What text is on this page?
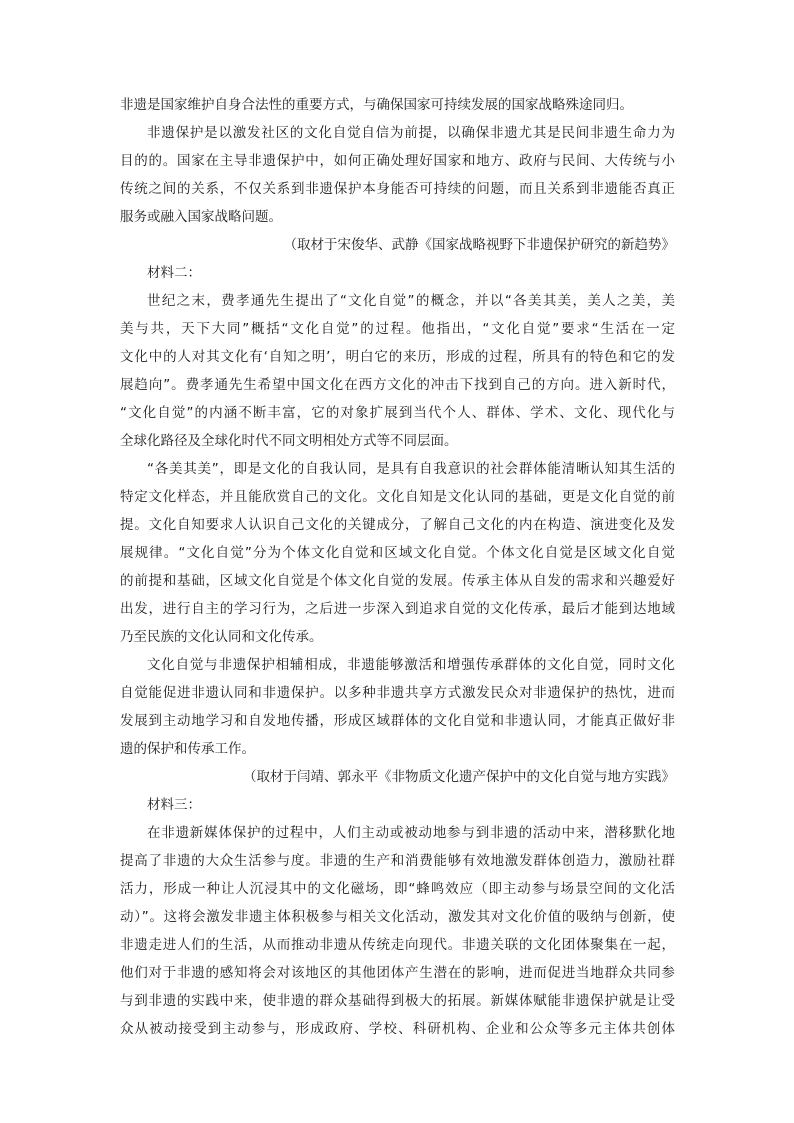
非遗是国家维护自身合法性的重要方式，与确保国家可持续发展的国家战略殊途同归。
非遗保护是以激发社区的文化自觉自信为前提，以确保非遗尤其是民间非遗生命力为
目的的。国家在主导非遗保护中，如何正确处理好国家和地方、政府与民间、大传统与小
传统之间的关系，不仅关系到非遗保护本身能否可持续的问题，而且关系到非遗能否真正
服务或融入国家战略问题。
（取材于宋俊华、武静《国家战略视野下非遗保护研究的新趋势》
材料二：
世纪之末，费孝通先生提出了“文化自觉”的概念，并以“各美其美，美人之美，美
美与共，天下大同”概括“文化自觉”的过程。他指出，“文化自觉”要求“生活在一定
文化中的人对其文化有‘自知之明’，明白它的来历，形成的过程，所具有的特色和它的发
展趋向”。费孝通先生希望中国文化在西方文化的冲击下找到自己的方向。进入新时代，
“文化自觉”的内涵不断丰富，它的对象扩展到当代个人、群体、学术、文化、现代化与
全球化路径及全球化时代不同文明相处方式等不同层面。
“各美其美”，即是文化的自我认同，是具有自我意识的社会群体能清晰认知其生活的
特定文化样态，并且能欣赏自己的文化。文化自知是文化认同的基础，更是文化自觉的前
提。文化自知要求人认识自己文化的关键成分，了解自己文化的内在构造、演进变化及发
展规律。“文化自觉”分为个体文化自觉和区域文化自觉。个体文化自觉是区域文化自觉
的前提和基础，区域文化自觉是个体文化自觉的发展。传承主体从自发的需求和兴趣爱好
出发，进行自主的学习行为，之后进一步深入到追求自觉的文化传承，最后才能到达地域
乃至民族的文化认同和文化传承。
文化自觉与非遗保护相辅相成，非遗能够激活和增强传承群体的文化自觉，同时文化
自觉能促进非遗认同和非遗保护。以多种非遗共享方式激发民众对非遗保护的热忱，进而
发展到主动地学习和自发地传播，形成区域群体的文化自觉和非遗认同，才能真正做好非
遗的保护和传承工作。
（取材于闫靖、郭永平《非物质文化遗产保护中的文化自觉与地方实践》
材料三：
在非遗新媒体保护的过程中，人们主动或被动地参与到非遗的活动中来，潜移默化地
提高了非遗的大众生活参与度。非遗的生产和消费能够有效地激发群体创造力，激励社群
活力，形成一种让人沉浸其中的文化磁场，即“蜂鸣效应（即主动参与场景空间的文化活
动）”。这将会激发非遗主体积极参与相关文化活动，激发其对文化价值的吸纳与创新，使
非遗走进人们的生活，从而推动非遗从传统走向现代。非遗关联的文化团体聚集在一起，
他们对于非遗的感知将会对该地区的其他团体产生潜在的影响，进而促进当地群众共同参
与到非遗的实践中来，使非遗的群众基础得到极大的拓展。新媒体赋能非遗保护就是让受
众从被动接受到主动参与，形成政府、学校、科研机构、企业和公众等多元主体共创体
